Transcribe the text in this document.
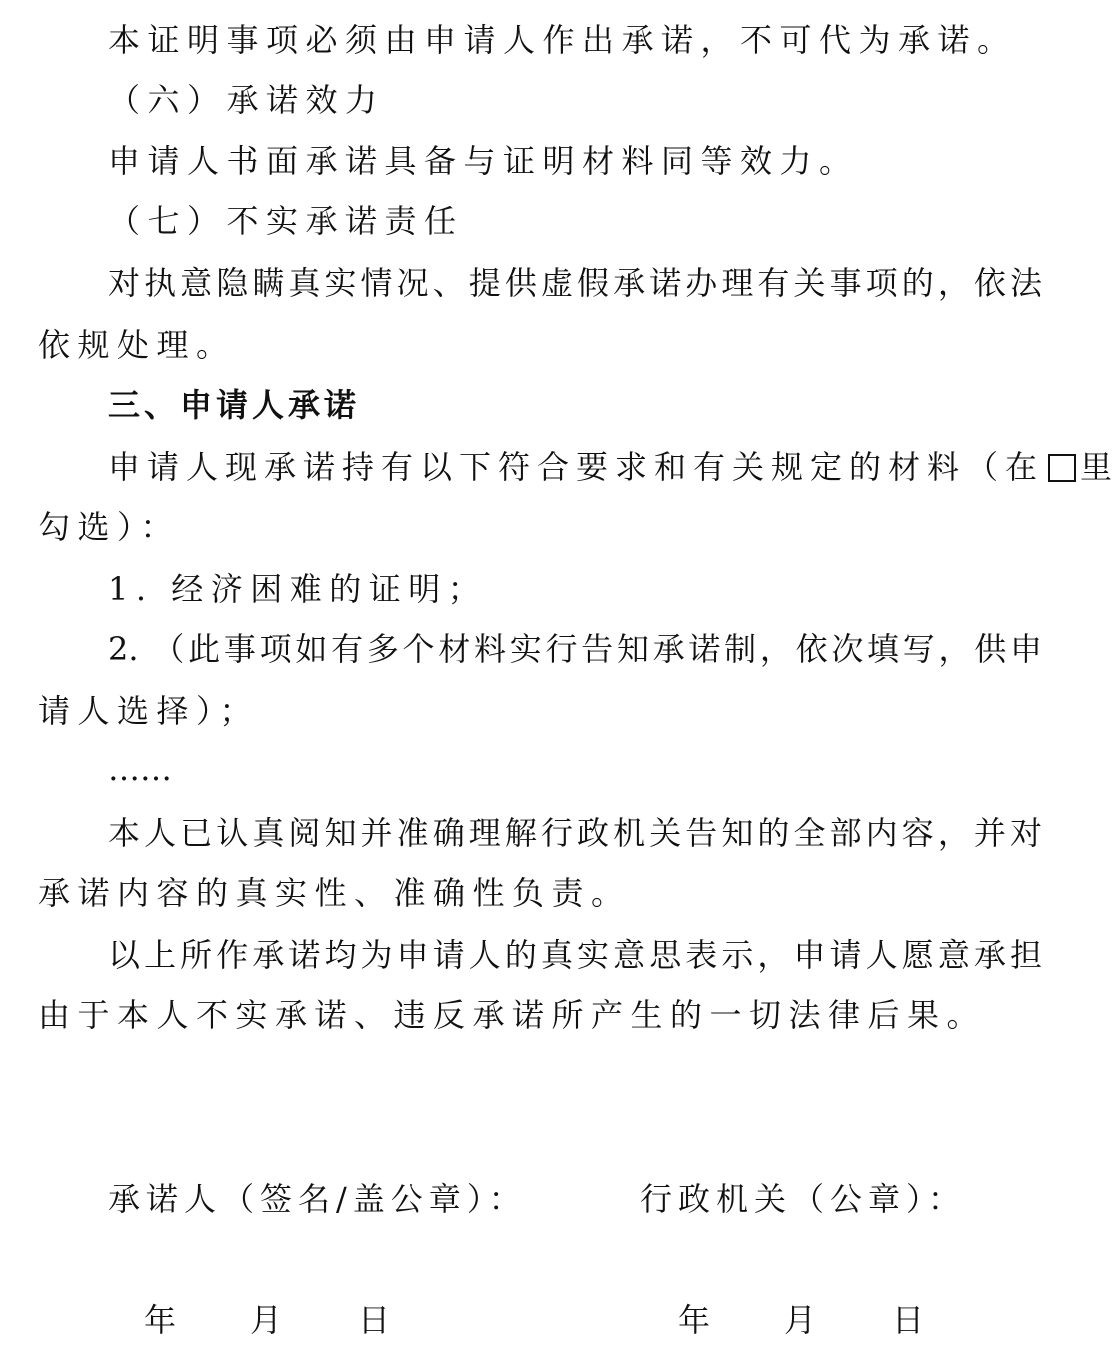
本证明事项必须由申请人作出承诺，不可代为承诺。
（六）承诺效力
申请人书面承诺具备与证明材料同等效力。
（七）不实承诺责任
对执意隐瞒真实情况、提供虚假承诺办理有关事项的，依法
依规处理。
三、申请人承诺
申请人现承诺持有以下符合要求和有关规定的材料（在 里
勾选）：
1. 经济困难的证明；
2. （此事项如有多个材料实行告知承诺制，依次填写，供申
请人选择）；
……
本人已认真阅知并准确理解行政机关告知的全部内容，并对
承诺内容的真实性、准确性负责。
以上所作承诺均为申请人的真实意思表示，申请人愿意承担
由于本人不实承诺、违反承诺所产生的一切法律后果。
承诺人（签名/盖公章）：	行政机关（公章）：
年 月 日	年 月 日
